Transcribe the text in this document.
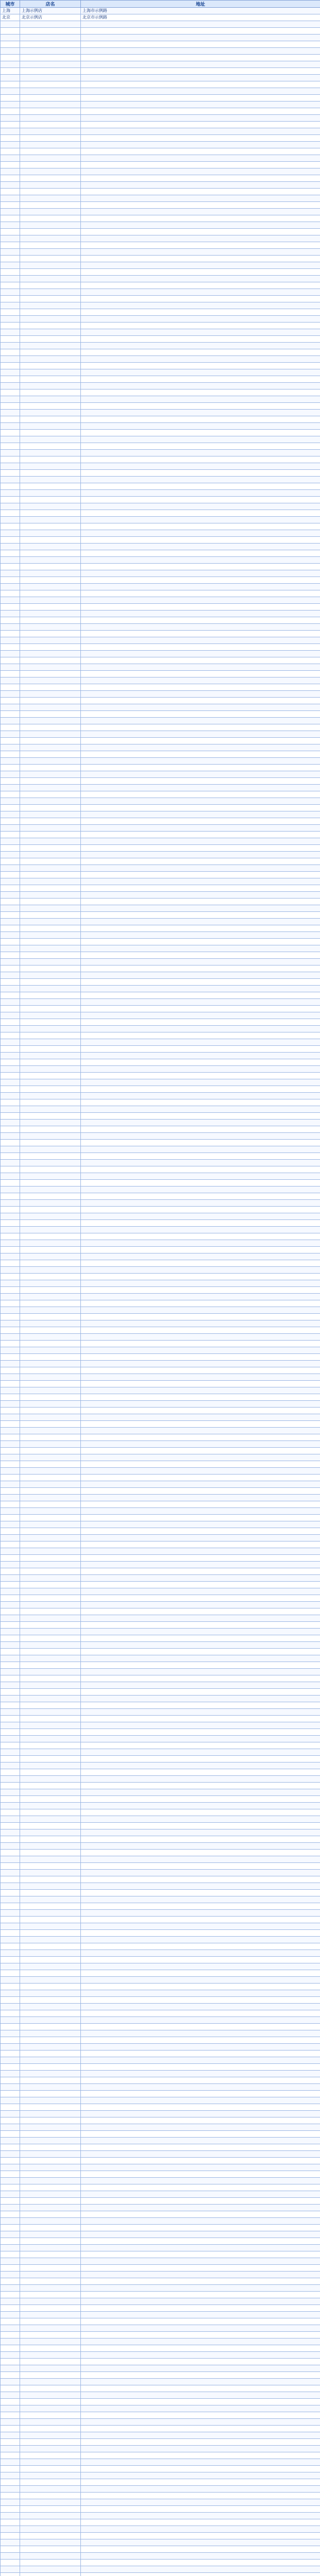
城市	店名	地址
上海	上海示例店	上海市示例路
北京	北京示例店	北京市示例路
